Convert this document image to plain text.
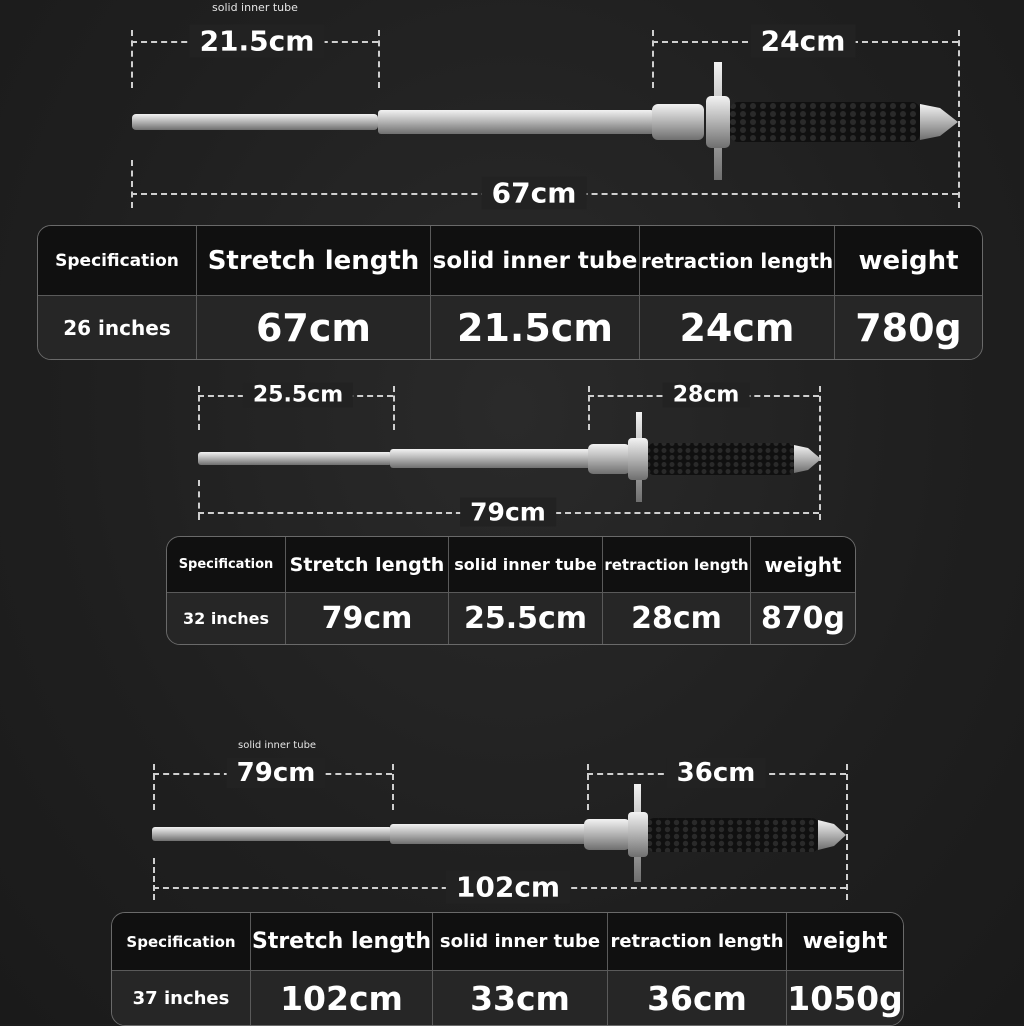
solid inner tube
21.5cm	24cm
67cm
Specification	Stretch length	solid inner tube	retraction length	weight
26 inches	67cm	21.5cm	24cm	780g
25.5cm	28cm
79cm
Specification	Stretch length	solid inner tube	retraction length	weight
32 inches	79cm	25.5cm	28cm	870g
solid inner tube
79cm	36cm
102cm
Specification	Stretch length	solid inner tube	retraction length	weight
37 inches	102cm	33cm	36cm	1050g
